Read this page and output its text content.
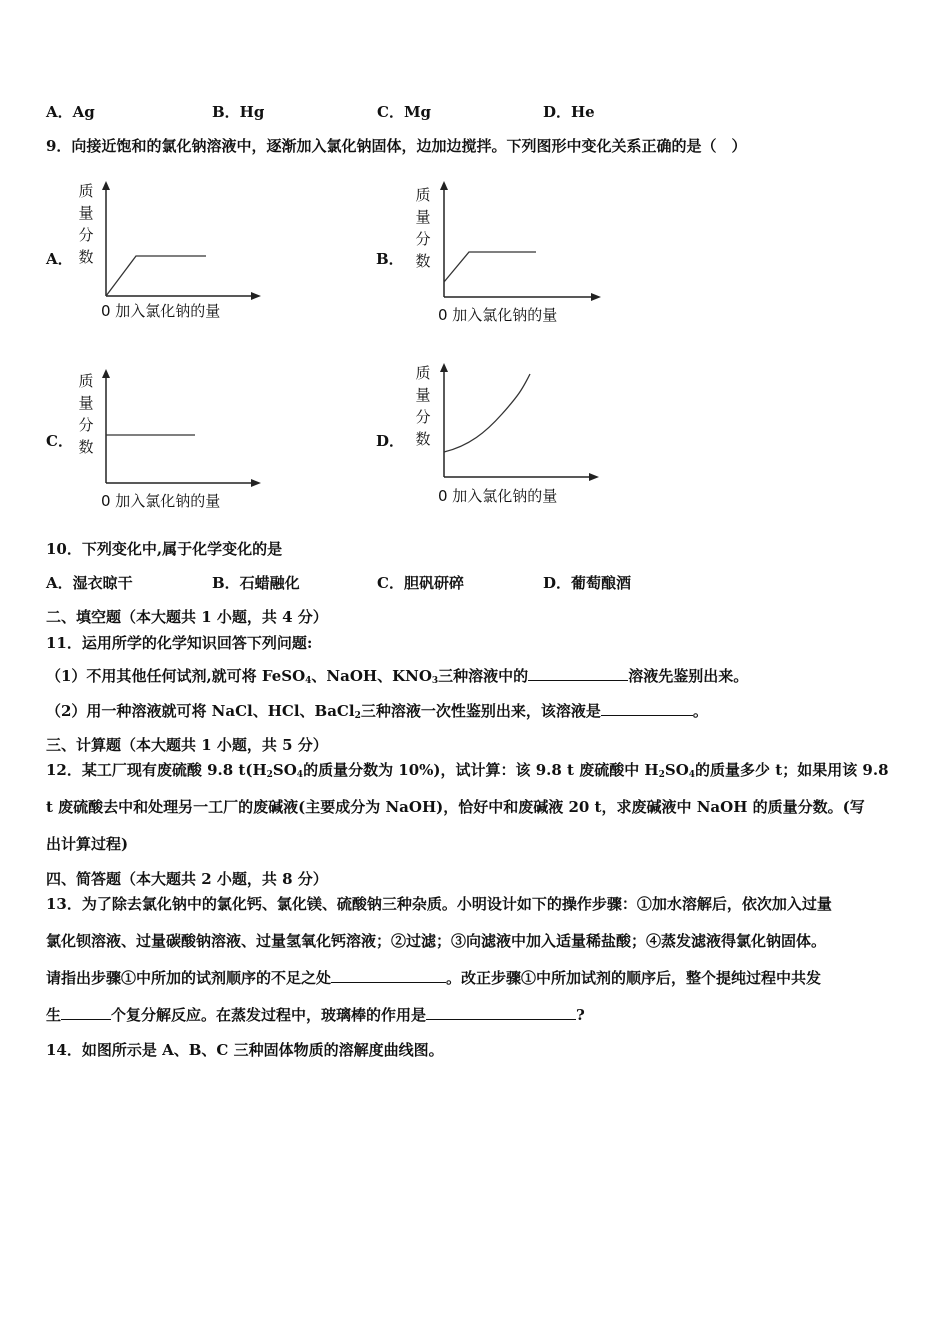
A．Ag	B．Hg	C．Mg	D．He
9．向接近饱和的氯化钠溶液中，逐渐加入氯化钠固体，边加边搅拌。下列图形中变化关系正确的是（　）
A．
质
量
分
数
0 加入氯化钠的量
B．
质
量
分
数
0 加入氯化钠的量
C．
质
量
分
数
0 加入氯化钠的量
D．
质
量
分
数
0 加入氯化钠的量
10．下列变化中,属于化学变化的是
A．湿衣晾干	B．石蜡融化	C．胆矾研碎	D．葡萄酿酒
二、填空题（本大题共 1 小题，共 4 分）
11．运用所学的化学知识回答下列问题:
（1）不用其他任何试剂,就可将 FeSO$_4$、NaOH、$KNO_3$三种溶液中的	溶液先鉴别出来。
（2）用一种溶液就可将 NaCl、HCl、BaCl$_2$三种溶液一次性鉴别出来，该溶液是	。
三、计算题（本大题共 1 小题，共 5 分）
12．某工厂现有废硫酸 9.8 $t(H_2SO_4$的质量分数为 10%)，试计算：该 9.8 t 废硫酸中 $H_2SO_4$的质量多少 t；如果用该 9.8
t 废硫酸去中和处理另一工厂的废碱液(主要成分为 NaOH)，恰好中和废碱液 20 t，求废碱液中 NaOH 的质量分数。(写
出计算过程)
四、简答题（本大题共 2 小题，共 8 分）
13．为了除去氯化钠中的氯化钙、氯化镁、硫酸钠三种杂质。小明设计如下的操作步骤：①加水溶解后，依次加入过量
氯化钡溶液、过量碳酸钠溶液、过量氢氧化钙溶液；②过滤；③向滤液中加入适量稀盐酸；④蒸发滤液得氯化钠固体。
请指出步骤①中所加的试剂顺序的不足之处	。改正步骤①中所加试剂的顺序后，整个提纯过程中共发
生	个复分解反应。在蒸发过程中，玻璃棒的作用是	?
14．如图所示是 A、B、C 三种固体物质的溶解度曲线图。
